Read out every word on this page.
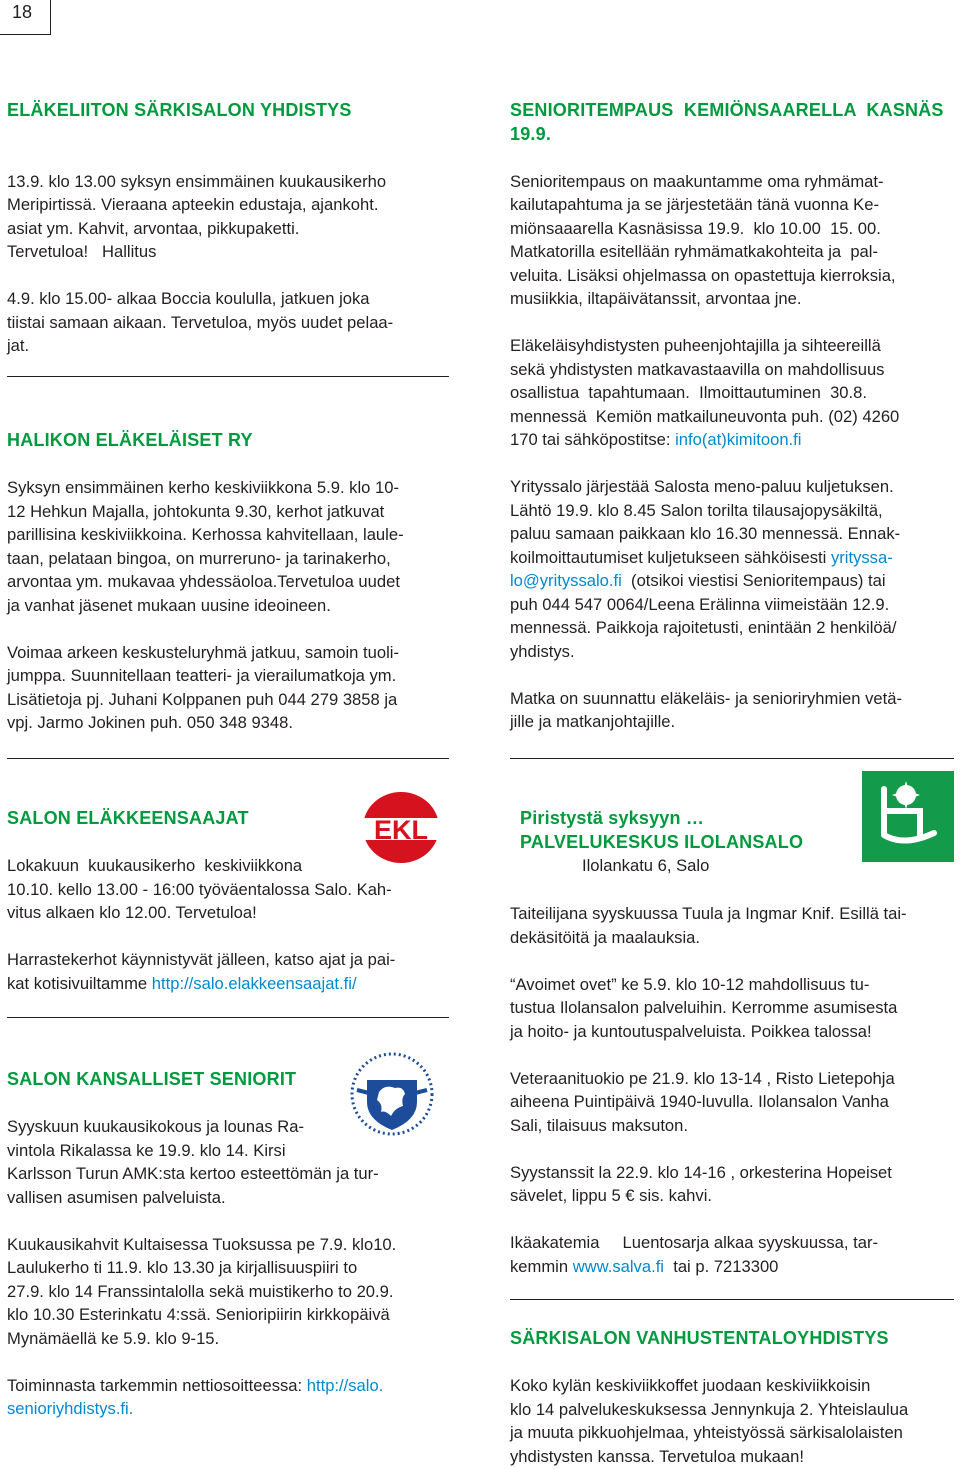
18
ELÄKELIITON SÄRKISALON YHDISTYS

13.9. klo 13.00 syksyn ensimmäinen kuukausikerho

Meripirtissä. Vieraana apteekin edustaja, ajankoht.

asiat ym. Kahvit, arvontaa, pikkupaketti.

Tervetuloa!   Hallitus

4.9. klo 15.00- alkaa Boccia koululla, jatkuen joka

tiistai samaan aikaan. Tervetuloa, myös uudet pelaa-

jat.

HALIKON ELÄKELÄISET RY

Syksyn ensimmäinen kerho keskiviikkona 5.9. klo 10-

12 Hehkun Majalla, johtokunta 9.30, kerhot jatkuvat

parillisina keskiviikkoina. Kerhossa kahvitellaan, laule-

taan, pelataan bingoa, on murreruno- ja tarinakerho,

arvontaa ym. mukavaa yhdessäoloa.Tervetuloa uudet

ja vanhat jäsenet mukaan uusine ideoineen.

Voimaa arkeen keskusteluryhmä jatkuu, samoin tuoli-

jumppa. Suunnitellaan teatteri- ja vierailumatkoja ym.

Lisätietoja pj. Juhani Kolppanen puh 044 279 3858 ja

vpj. Jarmo Jokinen puh. 050 348 9348.

SALON ELÄKKEENSAAJAT

Lokakuun  kuukausikerho  keskiviikkona

10.10. kello 13.00 - 16:00 työväentalossa Salo. Kah-

vitus alkaen klo 12.00. Tervetuloa!

Harrastekerhot käynnistyvät jälleen, katso ajat ja pai-

kat kotisivuiltamme http://salo.elakkeensaajat.fi/

EKL
SALON KANSALLISET SENIORIT

Syyskuun kuukausikokous ja lounas Ra-

vintola Rikalassa ke 19.9. klo 14. Kirsi

Karlsson Turun AMK:sta kertoo esteettömän ja tur-

vallisen asumisen palveluista.

Kuukausikahvit Kultaisessa Tuoksussa pe 7.9. klo10.

Laulukerho ti 11.9. klo 13.30 ja kirjallisuuspiiri to

27.9. klo 14 Franssintalolla sekä muistikerho to 20.9.

klo 10.30 Esterinkatu 4:ssä. Senioripiirin kirkkopäivä

Mynämäellä ke 5.9. klo 9-15.

Toiminnasta tarkemmin nettiosoitteessa: http://salo.

senioriyhdistys.fi.

SENIORITEMPAUS  KEMIÖNSAARELLA  KASNÄS
19.9.

Senioritempaus on maakuntamme oma ryhmämat-

kailutapahtuma ja se järjestetään tänä vuonna Ke-

miönsaaarella Kasnäsissa 19.9.  klo 10.00  15. 00.

Matkatorilla esitellään ryhmämatkakohteita ja  pal-

veluita. Lisäksi ohjelmassa on opastettuja kierroksia,

musiikkia, iltapäivätanssit, arvontaa jne.

Eläkeläisyhdistysten puheenjohtajilla ja sihteereillä

sekä yhdistysten matkavastaavilla on mahdollisuus

osallistua  tapahtumaan.  Ilmoittautuminen  30.8.

mennessä  Kemiön matkailuneuvonta puh. (02) 4260

170 tai sähköpostitse: info(at)kimitoon.fi

Yrityssalo järjestää Salosta meno-paluu kuljetuksen.

Lähtö 19.9. klo 8.45 Salon torilta tilausajopysäkiltä,

paluu samaan paikkaan klo 16.30 mennessä. Ennak-

koilmoittautumiset kuljetukseen sähköisesti yrityssa-

lo@yrityssalo.fi  (otsikoi viestisi Senioritempaus) tai

puh 044 547 0064/Leena Erälinna viimeistään 12.9.

mennessä. Paikkoja rajoitetusti, enintään 2 henkilöä/

yhdistys.

Matka on suunnattu eläkeläis- ja senioriryhmien vetä-

jille ja matkanjohtajille.

Piristystä syksyyn …
PALVELUKESKUS ILOLANSALO

Ilolankatu 6, Salo

Taiteilijana syyskuussa Tuula ja Ingmar Knif. Esillä tai-

dekäsitöitä ja maalauksia.

“Avoimet ovet” ke 5.9. klo 10-12 mahdollisuus tu-

tustua Ilolansalon palveluihin. Kerromme asumisesta

ja hoito- ja kuntoutuspalveluista. Poikkea talossa!

Veteraanituokio pe 21.9. klo 13-14 , Risto Lietepohja

aiheena Puintipäivä 1940-luvulla. Ilolansalon Vanha

Sali, tilaisuus maksuton.

Syystanssit la 22.9. klo 14-16 , orkesterina Hopeiset

sävelet, lippu 5 € sis. kahvi.

Ikäakatemia     Luentosarja alkaa syyskuussa, tar-

kemmin www.salva.fi  tai p. 7213300

SÄRKISALON VANHUSTENTALOYHDISTYS

Koko kylän keskiviikkoffet juodaan keskiviikkoisin

klo 14 palvelukeskuksessa Jennynkuja 2. Yhteislaulua

ja muuta pikkuohjelmaa, yhteistyössä särkisalolaisten

yhdistysten kanssa. Tervetuloa mukaan!
